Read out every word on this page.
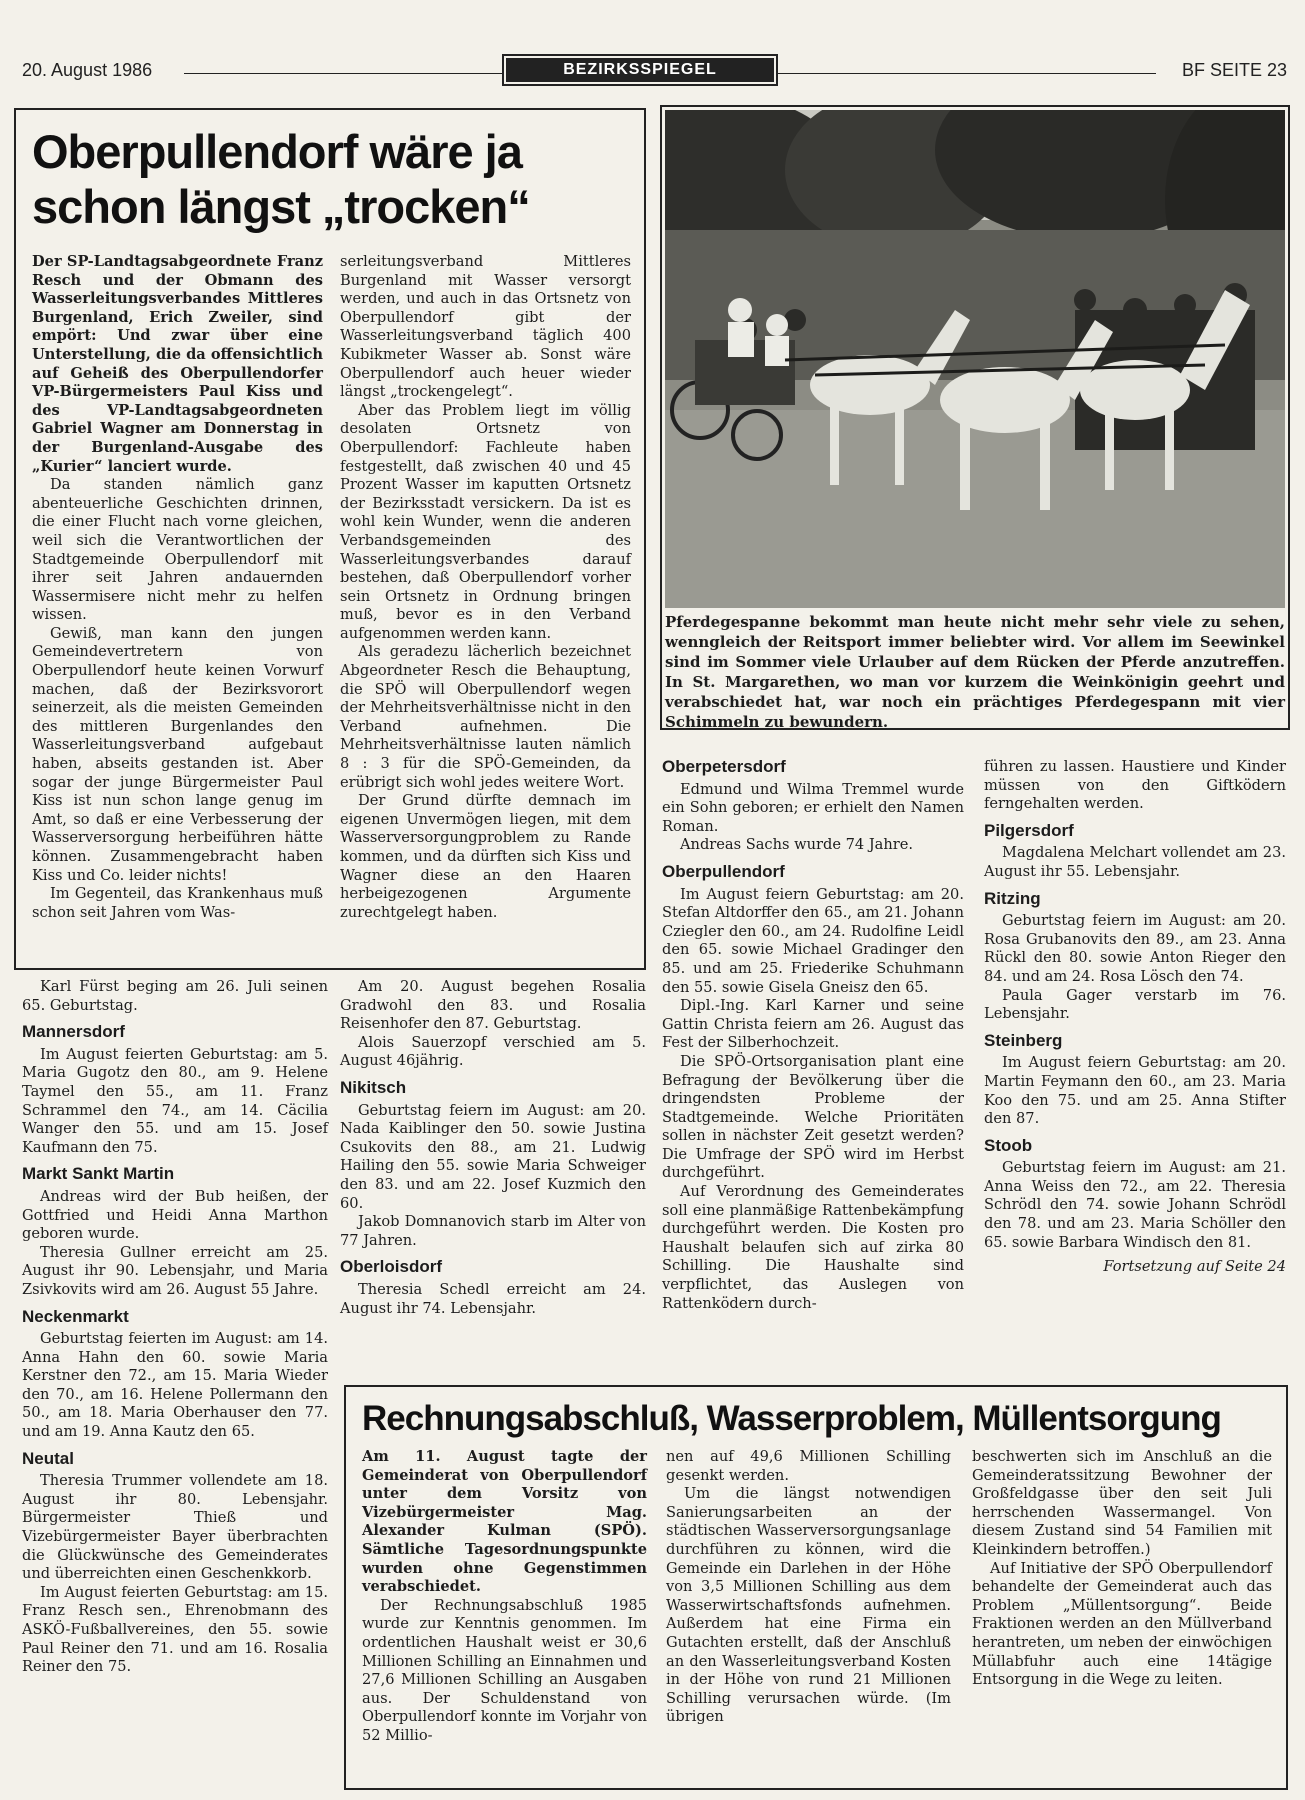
20. August 1986	BEZIRKSSPIEGEL	BF SEITE 23
Oberpullendorf wäre ja
schon längst „trocken“

Der SP-Landtagsabgeordnete Franz Resch und der Obmann des Wasserleitungsverbandes Mittleres Burgenland, Erich Zweiler, sind empört: Und zwar über eine Unterstellung, die da offensichtlich auf Geheiß des Oberpullendorfer VP-Bürgermeisters Paul Kiss und des VP-Landtagsabgeordneten Gabriel Wagner am Donnerstag in der Burgenland-Ausgabe des „Kurier“ lanciert wurde.

Da standen nämlich ganz abenteuerliche Geschichten drinnen, die einer Flucht nach vorne gleichen, weil sich die Verantwortlichen der Stadtgemeinde Oberpullendorf mit ihrer seit Jahren andauernden Wassermisere nicht mehr zu helfen wissen.

Gewiß, man kann den jungen Gemeindevertretern von Oberpullendorf heute keinen Vorwurf machen, daß der Bezirksvorort seinerzeit, als die meisten Gemeinden des mittleren Burgenlandes den Wasserleitungsverband aufgebaut haben, abseits gestanden ist. Aber sogar der junge Bürgermeister Paul Kiss ist nun schon lange genug im Amt, so daß er eine Verbesserung der Wasserversorgung herbeiführen hätte können. Zusammengebracht haben Kiss und Co. leider nichts!

Im Gegenteil, das Krankenhaus muß schon seit Jahren vom Was-

serleitungsverband Mittleres Burgenland mit Wasser versorgt werden, und auch in das Ortsnetz von Oberpullendorf gibt der Wasserleitungsverband täglich 400 Kubikmeter Wasser ab. Sonst wäre Oberpullendorf auch heuer wieder längst „trockengelegt“.

Aber das Problem liegt im völlig desolaten Ortsnetz von Oberpullendorf: Fachleute haben festgestellt, daß zwischen 40 und 45 Prozent Wasser im kaputten Ortsnetz der Bezirksstadt versickern. Da ist es wohl kein Wunder, wenn die anderen Verbandsgemeinden des Wasserleitungsverbandes darauf bestehen, daß Oberpullendorf vorher sein Ortsnetz in Ordnung bringen muß, bevor es in den Verband aufgenommen werden kann.

Als geradezu lächerlich bezeichnet Abgeordneter Resch die Behauptung, die SPÖ will Oberpullendorf wegen der Mehrheitsverhältnisse nicht in den Verband aufnehmen. Die Mehrheitsverhältnisse lauten nämlich 8 : 3 für die SPÖ-Gemeinden, da erübrigt sich wohl jedes weitere Wort.

Der Grund dürfte demnach im eigenen Unvermögen liegen, mit dem Wasserversorgungproblem zu Rande kommen, und da dürften sich Kiss und Wagner diese an den Haaren herbeigezogenen Argumente zurechtgelegt haben.

Pferdegespanne bekommt man heute nicht mehr sehr viele zu sehen, wenngleich der Reitsport immer beliebter wird. Vor allem im Seewinkel sind im Sommer viele Urlauber auf dem Rücken der Pferde anzutreffen. In St. Margarethen, wo man vor kurzem die Weinkönigin geehrt und verabschiedet hat, war noch ein prächtiges Pferdegespann mit vier Schimmeln zu bewundern.

Karl Fürst beging am 26. Juli seinen 65. Geburtstag.

Mannersdorf

Im August feierten Geburtstag: am 5. Maria Gugotz den 80., am 9. Helene Taymel den 55., am 11. Franz Schrammel den 74., am 14. Cäcilia Wanger den 55. und am 15. Josef Kaufmann den 75.

Markt Sankt Martin

Andreas wird der Bub heißen, der Gottfried und Heidi Anna Marthon geboren wurde.

Theresia Gullner erreicht am 25. August ihr 90. Lebensjahr, und Maria Zsivkovits wird am 26. August 55 Jahre.

Neckenmarkt

Geburtstag feierten im August: am 14. Anna Hahn den 60. sowie Maria Kerstner den 72., am 15. Maria Wieder den 70., am 16. Helene Pollermann den 50., am 18. Maria Oberhauser den 77. und am 19. Anna Kautz den 65.

Neutal

Theresia Trummer vollendete am 18. August ihr 80. Lebensjahr. Bürgermeister Thieß und Vizebürgermeister Bayer überbrachten die Glückwünsche des Gemeinderates und überreichten einen Geschenkkorb.

Im August feierten Geburtstag: am 15. Franz Resch sen., Ehrenobmann des ASKÖ-Fußballvereines, den 55. sowie Paul Reiner den 71. und am 16. Rosalia Reiner den 75.

Am 20. August begehen Rosalia Gradwohl den 83. und Rosalia Reisenhofer den 87. Geburtstag.

Alois Sauerzopf verschied am 5. August 46jährig.

Nikitsch

Geburtstag feiern im August: am 20. Nada Kaiblinger den 50. sowie Justina Csukovits den 88., am 21. Ludwig Hailing den 55. sowie Maria Schweiger den 83. und am 22. Josef Kuzmich den 60.

Jakob Domnanovich starb im Alter von 77 Jahren.

Oberloisdorf

Theresia Schedl erreicht am 24. August ihr 74. Lebensjahr.

Oberpetersdorf

Edmund und Wilma Tremmel wurde ein Sohn geboren; er erhielt den Namen Roman.

Andreas Sachs wurde 74 Jahre.

Oberpullendorf

Im August feiern Geburtstag: am 20. Stefan Altdorffer den 65., am 21. Johann Cziegler den 60., am 24. Rudolfine Leidl den 65. sowie Michael Gradinger den 85. und am 25. Friederike Schuhmann den 55. sowie Gisela Gneisz den 65.

Dipl.-Ing. Karl Karner und seine Gattin Christa feiern am 26. August das Fest der Silberhochzeit.

Die SPÖ-Ortsorganisation plant eine Befragung der Bevölkerung über die dringendsten Probleme der Stadtgemeinde. Welche Prioritäten sollen in nächster Zeit gesetzt werden? Die Umfrage der SPÖ wird im Herbst durchgeführt.

Auf Verordnung des Gemeinderates soll eine planmäßige Rattenbekämpfung durchgeführt werden. Die Kosten pro Haushalt belaufen sich auf zirka 80 Schilling. Die Haushalte sind verpflichtet, das Auslegen von Rattenködern durch-

führen zu lassen. Haustiere und Kinder müssen von den Giftködern ferngehalten werden.

Pilgersdorf

Magdalena Melchart vollendet am 23. August ihr 55. Lebensjahr.

Ritzing

Geburtstag feiern im August: am 20. Rosa Grubanovits den 89., am 23. Anna Rückl den 80. sowie Anton Rieger den 84. und am 24. Rosa Lösch den 74.

Paula Gager verstarb im 76. Lebensjahr.

Steinberg

Im August feiern Geburtstag: am 20. Martin Feymann den 60., am 23. Maria Koo den 75. und am 25. Anna Stifter den 87.

Stoob

Geburtstag feiern im August: am 21. Anna Weiss den 72., am 22. Theresia Schrödl den 74. sowie Johann Schrödl den 78. und am 23. Maria Schöller den 65. sowie Barbara Windisch den 81.

Fortsetzung auf Seite 24
Rechnungsabschluß, Wasserproblem, Müllentsorgung

Am 11. August tagte der Gemeinderat von Oberpullendorf unter dem Vorsitz von Vizebürgermeister Mag. Alexander Kulman (SPÖ). Sämtliche Tagesordnungspunkte wurden ohne Gegenstimmen verabschiedet.

Der Rechnungsabschluß 1985 wurde zur Kenntnis genommen. Im ordentlichen Haushalt weist er 30,6 Millionen Schilling an Einnahmen und 27,6 Millionen Schilling an Ausgaben aus. Der Schuldenstand von Oberpullendorf konnte im Vorjahr von 52 Millio-

nen auf 49,6 Millionen Schilling gesenkt werden.

Um die längst notwendigen Sanierungsarbeiten an der städtischen Wasserversorgungsanlage durchführen zu können, wird die Gemeinde ein Darlehen in der Höhe von 3,5 Millionen Schilling aus dem Wasserwirtschaftsfonds aufnehmen. Außerdem hat eine Firma ein Gutachten erstellt, daß der Anschluß an den Wasserleitungsverband Kosten in der Höhe von rund 21 Millionen Schilling verursachen würde. (Im übrigen

beschwerten sich im Anschluß an die Gemeinderatssitzung Bewohner der Großfeldgasse über den seit Juli herrschenden Wassermangel. Von diesem Zustand sind 54 Familien mit Kleinkindern betroffen.)

Auf Initiative der SPÖ Oberpullendorf behandelte der Gemeinderat auch das Problem „Müllentsorgung“. Beide Fraktionen werden an den Müllverband herantreten, um neben der einwöchigen Müllabfuhr auch eine 14tägige Entsorgung in die Wege zu leiten.
